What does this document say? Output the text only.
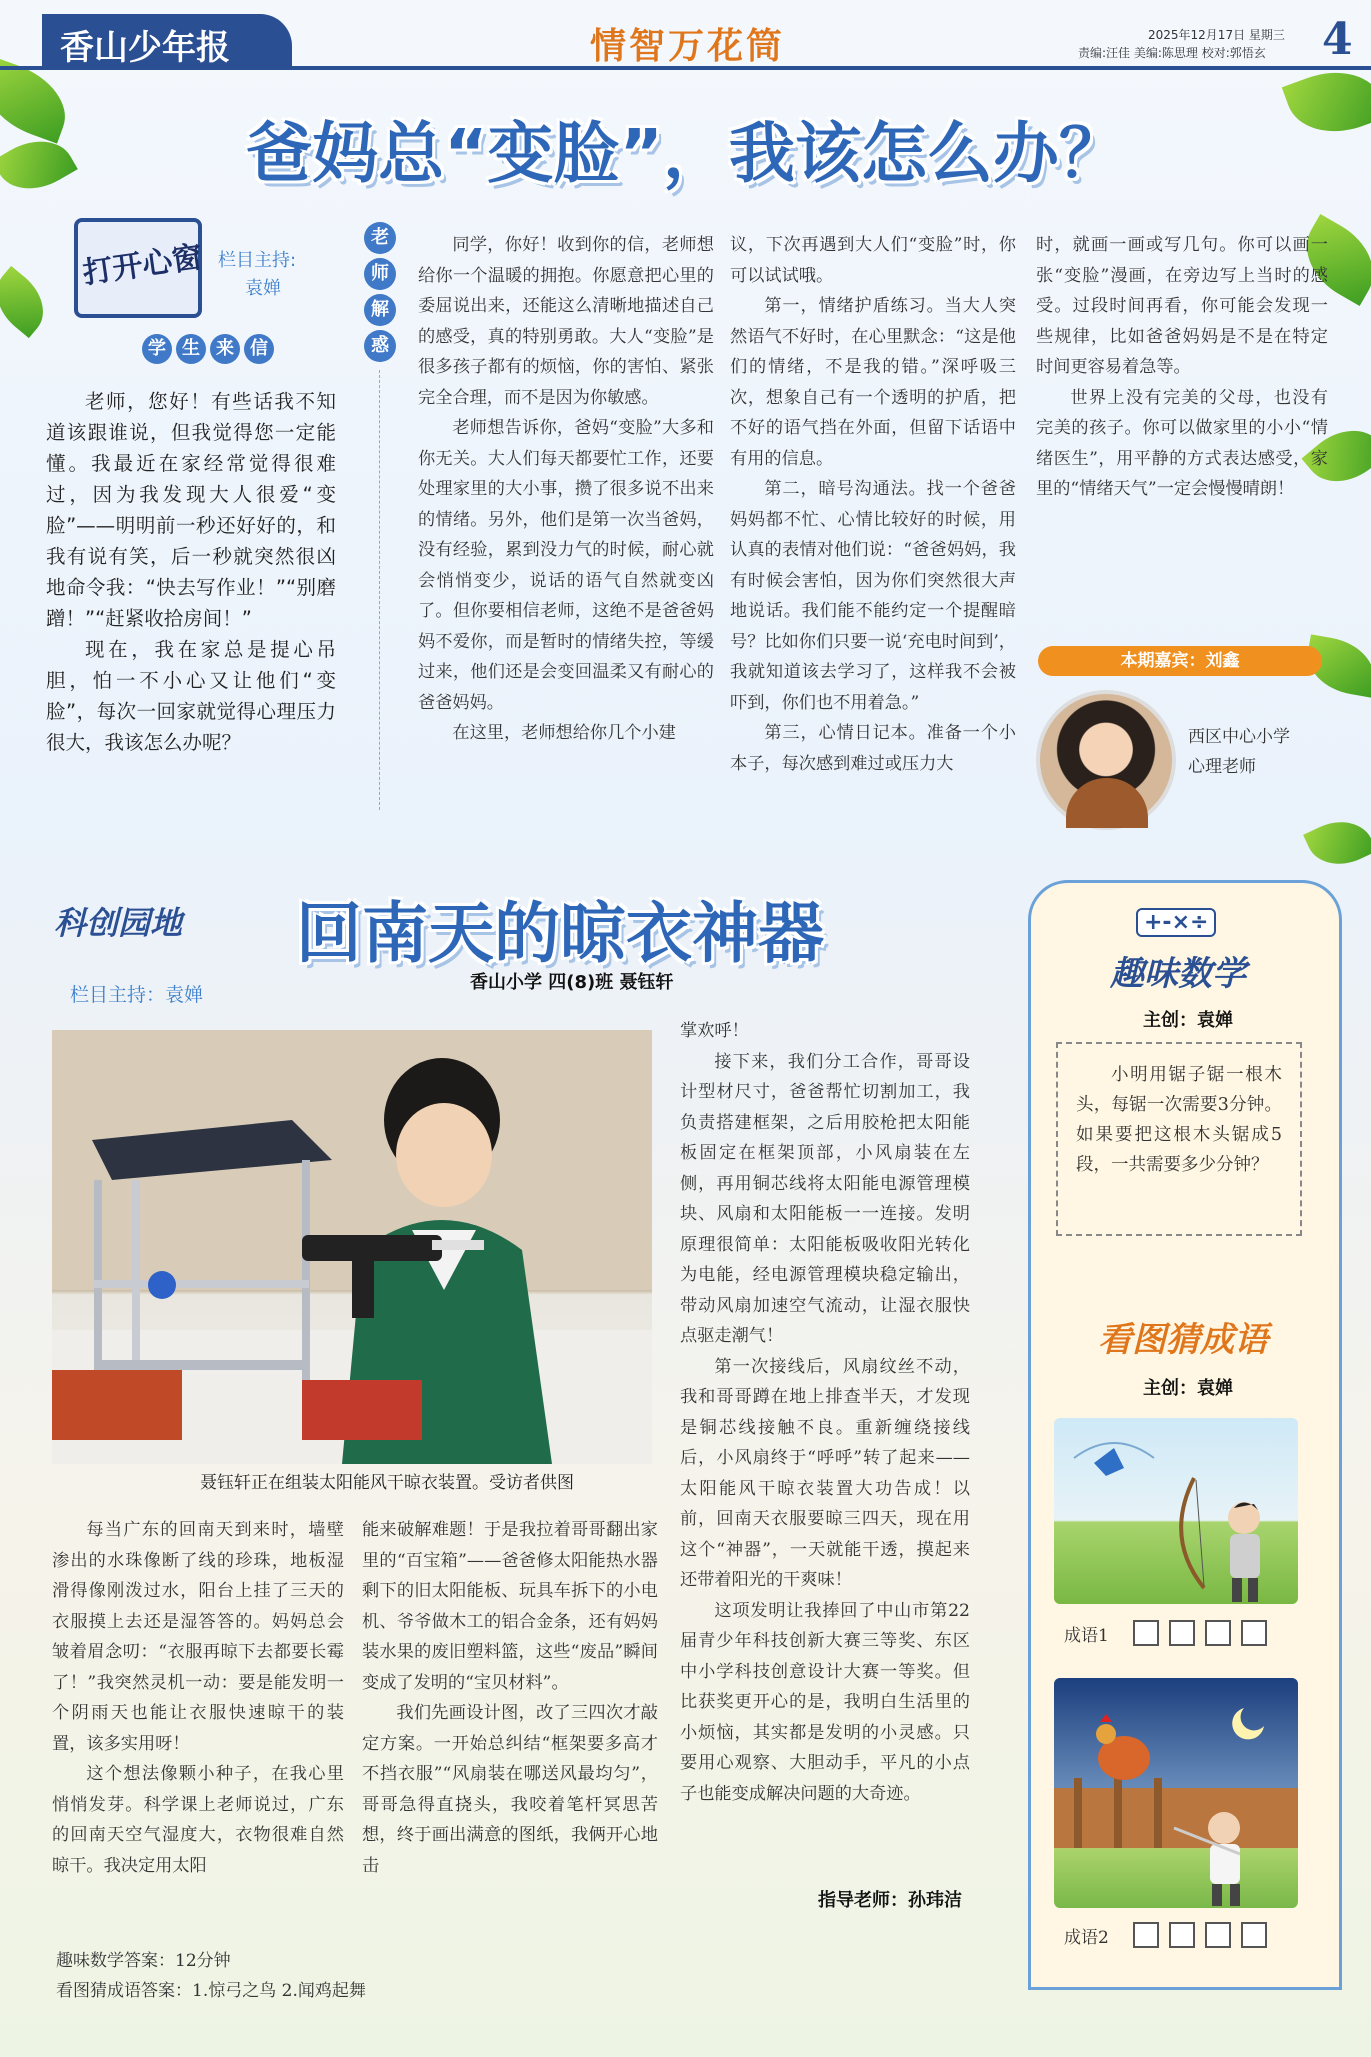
香山少年报	情智万花筒	2025年12月17日 星期三
责编:汪佳 美编:陈思理 校对:郭悟玄 4
爸妈总“变脸”，我该怎么办？
打开心窗 栏目主持:
袁婵
学 生 来 信

老师，您好！有些话我不知道该跟谁说，但我觉得您一定能懂。我最近在家经常觉得很难过，因为我发现大人很爱“变脸”——明明前一秒还好好的，和我有说有笑，后一秒就突然很凶地命令我：“快去写作业！”“别磨蹭！”“赶紧收拾房间！”

现在，我在家总是提心吊胆，怕一不小心又让他们“变脸”，每次一回家就觉得心理压力很大，我该怎么办呢？

老
师
解
惑

同学，你好！收到你的信，老师想给你一个温暖的拥抱。你愿意把心里的委屈说出来，还能这么清晰地描述自己的感受，真的特别勇敢。大人“变脸”是很多孩子都有的烦恼，你的害怕、紧张完全合理，而不是因为你敏感。

老师想告诉你，爸妈“变脸”大多和你无关。大人们每天都要忙工作，还要处理家里的大小事，攒了很多说不出来的情绪。另外，他们是第一次当爸妈，没有经验，累到没力气的时候，耐心就会悄悄变少，说话的语气自然就变凶了。但你要相信老师，这绝不是爸爸妈妈不爱你，而是暂时的情绪失控，等缓过来，他们还是会变回温柔又有耐心的爸爸妈妈。

在这里，老师想给你几个小建

议，下次再遇到大人们“变脸”时，你可以试试哦。

第一，情绪护盾练习。当大人突然语气不好时，在心里默念：“这是他们的情绪，不是我的错。”深呼吸三次，想象自己有一个透明的护盾，把不好的语气挡在外面，但留下话语中有用的信息。

第二，暗号沟通法。找一个爸爸妈妈都不忙、心情比较好的时候，用认真的表情对他们说：“爸爸妈妈，我有时候会害怕，因为你们突然很大声地说话。我们能不能约定一个提醒暗号？比如你们只要一说‘充电时间到’，我就知道该去学习了，这样我不会被吓到，你们也不用着急。”

第三，心情日记本。准备一个小本子，每次感到难过或压力大

时，就画一画或写几句。你可以画一张“变脸”漫画，在旁边写上当时的感受。过段时间再看，你可能会发现一些规律，比如爸爸妈妈是不是在特定时间更容易着急等。

世界上没有完美的父母，也没有完美的孩子。你可以做家里的小小“情绪医生”，用平静的方式表达感受，家里的“情绪天气”一定会慢慢晴朗！

本期嘉宾：刘鑫
西区中心小学
心理老师
科创园地
栏目主持：袁婵
回南天的晾衣神器
香山小学 四(8)班 聂钰轩
聂钰轩正在组装太阳能风干晾衣装置。受访者供图

每当广东的回南天到来时，墙壁渗出的水珠像断了线的珍珠，地板湿滑得像刚泼过水，阳台上挂了三天的衣服摸上去还是湿答答的。妈妈总会皱着眉念叨：“衣服再晾下去都要长霉了！”我突然灵机一动：要是能发明一个阴雨天也能让衣服快速晾干的装置，该多实用呀！

这个想法像颗小种子，在我心里悄悄发芽。科学课上老师说过，广东的回南天空气湿度大，衣物很难自然晾干。我决定用太阳

能来破解难题！于是我拉着哥哥翻出家里的“百宝箱”——爸爸修太阳能热水器剩下的旧太阳能板、玩具车拆下的小电机、爷爷做木工的铝合金条，还有妈妈装水果的废旧塑料篮，这些“废品”瞬间变成了发明的“宝贝材料”。

我们先画设计图，改了三四次才敲定方案。一开始总纠结“框架要多高才不挡衣服”“风扇装在哪送风最均匀”，哥哥急得直挠头，我咬着笔杆冥思苦想，终于画出满意的图纸，我俩开心地击

掌欢呼！

接下来，我们分工合作，哥哥设计型材尺寸，爸爸帮忙切割加工，我负责搭建框架，之后用胶枪把太阳能板固定在框架顶部，小风扇装在左侧，再用铜芯线将太阳能电源管理模块、风扇和太阳能板一一连接。发明原理很简单：太阳能板吸收阳光转化为电能，经电源管理模块稳定输出，带动风扇加速空气流动，让湿衣服快点驱走潮气！

第一次接线后，风扇纹丝不动，我和哥哥蹲在地上排查半天，才发现是铜芯线接触不良。重新缠绕接线后，小风扇终于“呼呼”转了起来——太阳能风干晾衣装置大功告成！以前，回南天衣服要晾三四天，现在用这个“神器”，一天就能干透，摸起来还带着阳光的干爽味！

这项发明让我捧回了中山市第22届青少年科技创新大赛三等奖、东区中小学科技创意设计大赛一等奖。但比获奖更开心的是，我明白生活里的小烦恼，其实都是发明的小灵感。只要用心观察、大胆动手，平凡的小点子也能变成解决问题的大奇迹。

指导老师：孙玮洁
+-×÷
趣味数学
主创：袁婵
小明用锯子锯一根木头，每锯一次需要3分钟。如果要把这根木头锯成5段，一共需要多少分钟？
看图猜成语
主创：袁婵
成语1
成语2
趣味数学答案：12分钟
看图猜成语答案：1.惊弓之鸟 2.闻鸡起舞
